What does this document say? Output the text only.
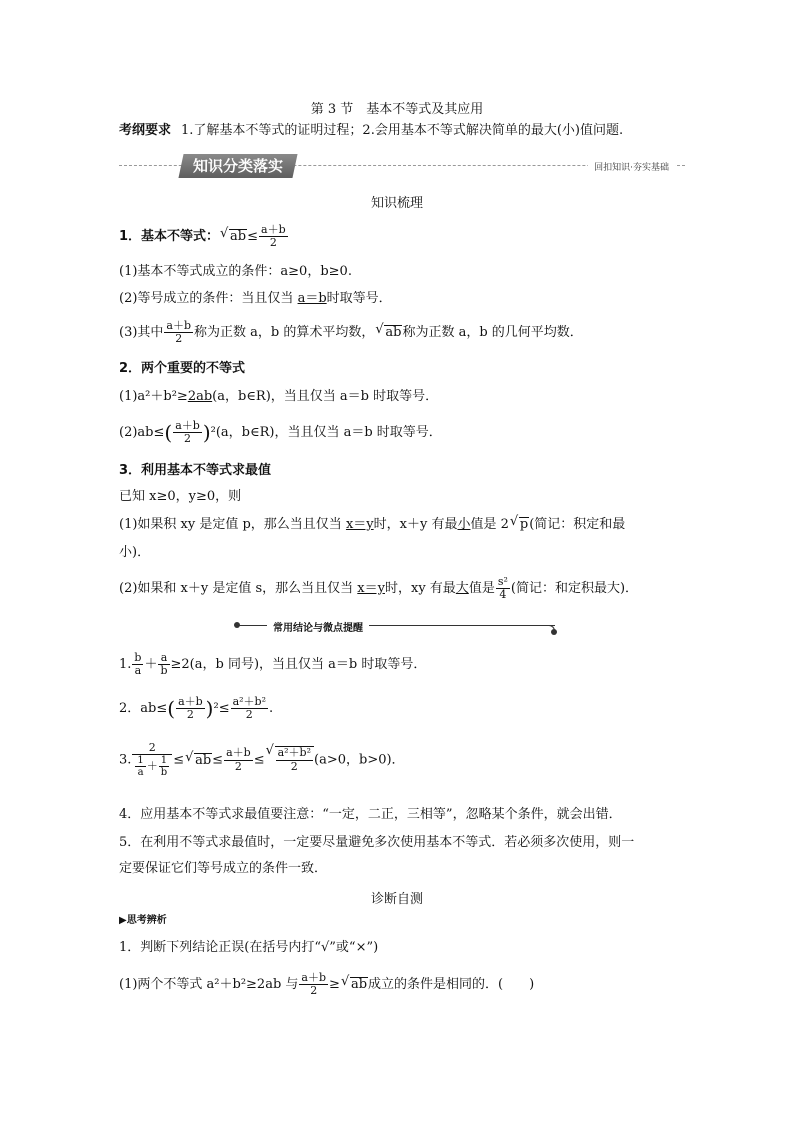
第 3 节　基本不等式及其应用
考纲要求 1.了解基本不等式的证明过程；2.会用基本不等式解决简单的最大(小)值问题.
知识分类落实	回扣知识·夯实基础
知识梳理
1．基本不等式： √ $ab\le \frac{a+b}{2}$
(1)基本不等式成立的条件：a≥0，b≥0.
(2)等号成立的条件：当且仅当 a＝b时取等号．
(3)其中 $\frac{a+b}{2}$ 称为正数 a，b 的算术平均数， √ ab称为正数 a，b 的几何平均数．
2．两个重要的不等式
(1)a²＋b²≥2ab(a，b∈R)，当且仅当 a＝b 时取等号．
$(2)ab\le( \frac{a+b}{2} )^2(a$，b∈R)，当且仅当 a＝b 时取等号．
3．利用基本不等式求最值
已知 x≥0，y≥0，则
(1)如果积 xy 是定值 p，那么当且仅当 x＝y时，x＋y 有最小值是 2 √ p(简记：积定和最
小)．
(2)如果和 x＋y 是定值 s，那么当且仅当 x＝y时，xy 有最大值是 $\frac{\text{s²}}{4}$ (简记：和定积最大)．
常用结论与微点提醒
1. $\frac{b}{a} + \frac{a}{b} \ge 2(a$，b 同号)，当且仅当 a＝b 时取等号．
2．$ab\le( \frac{a+b}{2} )^2\le \frac{\text{a²＋b²}}{2}$ .
3. $\frac{2}{\frac{1}{a} + \frac{1}{b}}$ ≤ √ $ab\le \frac{a+b}{2}$ ≤ √ $\frac{\text{a²＋b²}}{2} (a>0$，b>0)．
4．应用基本不等式求最值要注意：“一定，二正，三相等”，忽略某个条件，就会出错．
5．在利用不等式求最值时，一定要尽量避免多次使用基本不等式．若必须多次使用，则一
定要保证它们等号成立的条件一致．
诊断自测
▶思考辨析
1．判断下列结论正误(在括号内打“√”或“×”)
(1)两个不等式 a²＋b²≥2ab 与 $\frac{a+b}{2}$ ≥ √ ab成立的条件是相同的．(　　)
